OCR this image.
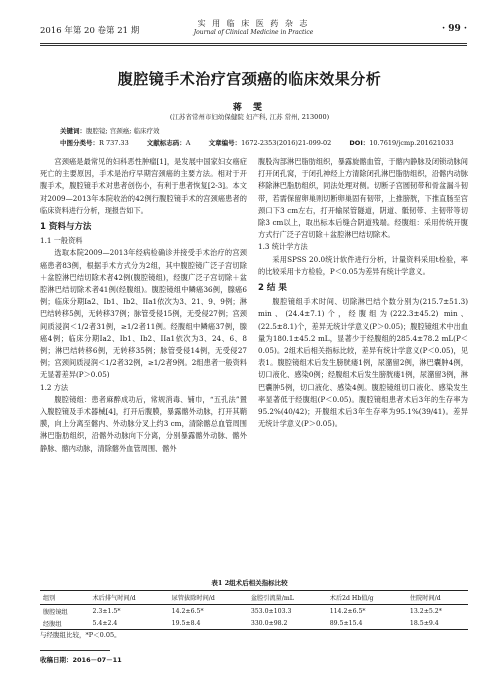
2016 年第 20 卷第 21 期
实 用 临 床 医 药 杂 志
Journal of Clinical Medicine in Practice	· 99 ·
腹腔镜手术治疗宫颈癌的临床效果分析
蒋 雯
(江苏省常州市妇幼保健院 妇产科, 江苏 常州, 213000)
关键词：腹腔镜; 宫颈癌; 临床疗效
中图分类号：R 737.33	文献标志码：A	文章编号：1672-2353(2016)21-099-02	DOI：10.7619/jcmp.201621033

宫颈癌是最常见的妇科恶性肿瘤[1]，是发展中国家妇女癌症死亡的主要原因，手术是治疗早期宫颈癌的主要方法。相对于开腹手术，腹腔镜手术对患者创伤小，有利于患者恢复[2-3]。本文对2009—2013年本院收治的42例行腹腔镜手术的宫颈癌患者的临床资料进行分析，现报告如下。

1 资料与方法
1.1 一般资料

选取本院2009—2013年经病检确诊并接受手术治疗的宫颈癌患者83例，根据手术方式分为2组，其中腹腔镜广泛子宫切除＋盆腔淋巴结切除术者42例(腹腔镜组)，经腹广泛子宫切除＋盆腔淋巴结切除术者41例(经腹组)。腹腔镜组中鳞癌36例，腺癌6例；临床分期Ia2、Ib1、Ib2、IIa1依次为3、21、9、9例；淋巴结转移5例，无转移37例；脉管受侵15例，无受侵27例；宫颈间质浸润＜1/2者31例，≥1/2者11例。经腹组中鳞癌37例，腺癌4例；临床分期Ia2、Ib1、Ib2、IIa1依次为3、24、6、8例；淋巴结转移6例，无转移35例；脉管受侵14例，无受侵27例；宫颈间质浸润＜1/2者32例，≥1/2者9例。2组患者一般资料无显著差异(P＞0.05)

1.2 方法

腹腔镜组：患者麻醉成功后，常规消毒、铺巾，“五孔法”置入腹腔镜及手术器械[4]，打开后腹膜，暴露髂外动脉，打开其鞘膜，向上分离至髂内、外动脉分叉上约3 cm，清除髂总血管周围淋巴脂肪组织，沿髂外动脉向下分离，分别暴露髂外动脉、髂外静脉、髂内动脉，清除髂外血管周围、髂外

腹股沟部淋巴脂肪组织，暴露旋髂血管，于髂内静脉及闭锁动脉间打开闭孔窝，于闭孔神经上方清除闭孔淋巴脂肪组织，沿髂内动脉移除淋巴脂肪组织，同法处理对侧。切断子宫圆韧带和骨盆漏斗韧带，若需保留卵巢则切断卵巢固有韧带，上推膀胱，下推直肠至宫颈口下3 cm左右，打开输尿管隧道，阴道、骶韧带、主韧带等切除3 cm以上，取出标本后缝合阴道残端。经腹组：采用传统开腹方式行广泛子宫切除＋盆腔淋巴结切除术。

1.3 统计学方法

采用SPSS 20.0统计软件进行分析，计量资料采用t检验，率的比较采用卡方检验，P＜0.05为差异有统计学意义。

2 结 果

腹腔镜组手术时间、切除淋巴结个数分别为(215.7±51.3) min、(24.4±7.1)个，经腹组为(222.3±45.2) min、(22.5±8.1)个，差异无统计学意义(P＞0.05)；腹腔镜组术中出血量为180.1±45.2 mL，显著少于经腹组的285.4±78.2 mL(P＜0.05)。2组术后相关指标比较，差异有统计学意义(P＜0.05)，见表1。腹腔镜组术后发生膀胱瘘1例，尿潴留2例，淋巴囊肿4例，切口液化、感染0例；经腹组术后发生膀胱瘘1例，尿潴留3例，淋巴囊肿5例，切口液化、感染4例。腹腔镜组切口液化、感染发生率显著低于经腹组(P＜0.05)。腹腔镜组患者术后3年的生存率为95.2%(40/42)；开腹组术后3年生存率为95.1%(39/41)。差异无统计学意义(P＞0.05)。

表1 2组术后相关指标比较
组别	术后排气时间/d	尿管拔除时间/d	盆腔引流量/mL	术后2d Hb值/g	住院时间/d
腹腔镜组	2.3±1.5*	14.2±6.5*	353.0±103.3	114.2±6.5*	13.2±5.2*
经腹组	5.4±2.4	19.5±8.4	330.0±98.2	89.5±15.4	18.5±9.4
与经腹组比较，*P＜0.05。
收稿日期：2016－07－11
